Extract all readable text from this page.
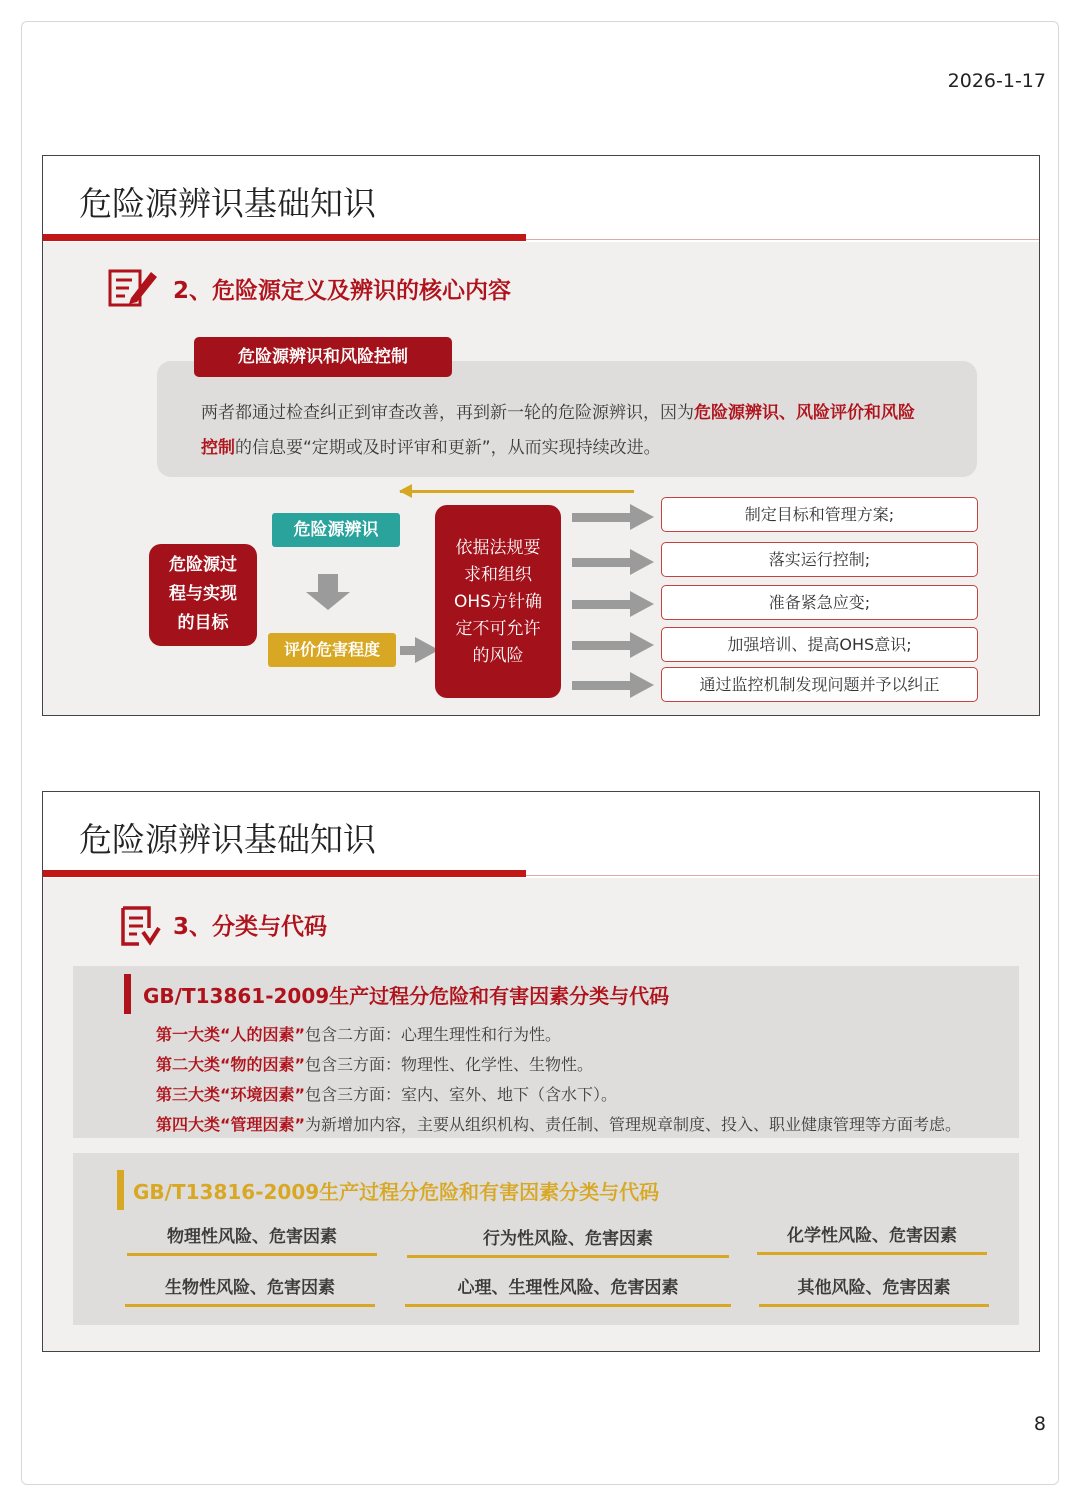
2026-1-17
危险源辨识基础知识
2、危险源定义及辨识的核心内容
危险源辨识和风险控制
两者都通过检查纠正到审查改善，再到新一轮的危险源辨识，因为危险源辨识、风险评价和风险控制的信息要“定期或及时评审和更新”，从而实现持续改进。
危险源过
程与实现
的目标
危险源辨识
评价危害程度
依据法规要
求和组织
OHS方针确
定不可允许
的风险
制定目标和管理方案;
落实运行控制;
准备紧急应变;
加强培训、提高OHS意识;
通过监控机制发现问题并予以纠正
危险源辨识基础知识
3、分类与代码
GB/T13861-2009生产过程分危险和有害因素分类与代码
第一大类“人的因素”包含二方面：心理生理性和行为性。
第二大类“物的因素”包含三方面：物理性、化学性、生物性。
第三大类“环境因素”包含三方面：室内、室外、地下（含水下）。
第四大类“管理因素”为新增加内容，主要从组织机构、责任制、管理规章制度、投入、职业健康管理等方面考虑。
GB/T13816-2009生产过程分危险和有害因素分类与代码
物理性风险、危害因素	行为性风险、危害因素	化学性风险、危害因素
生物性风险、危害因素	心理、生理性风险、危害因素	其他风险、危害因素
8
